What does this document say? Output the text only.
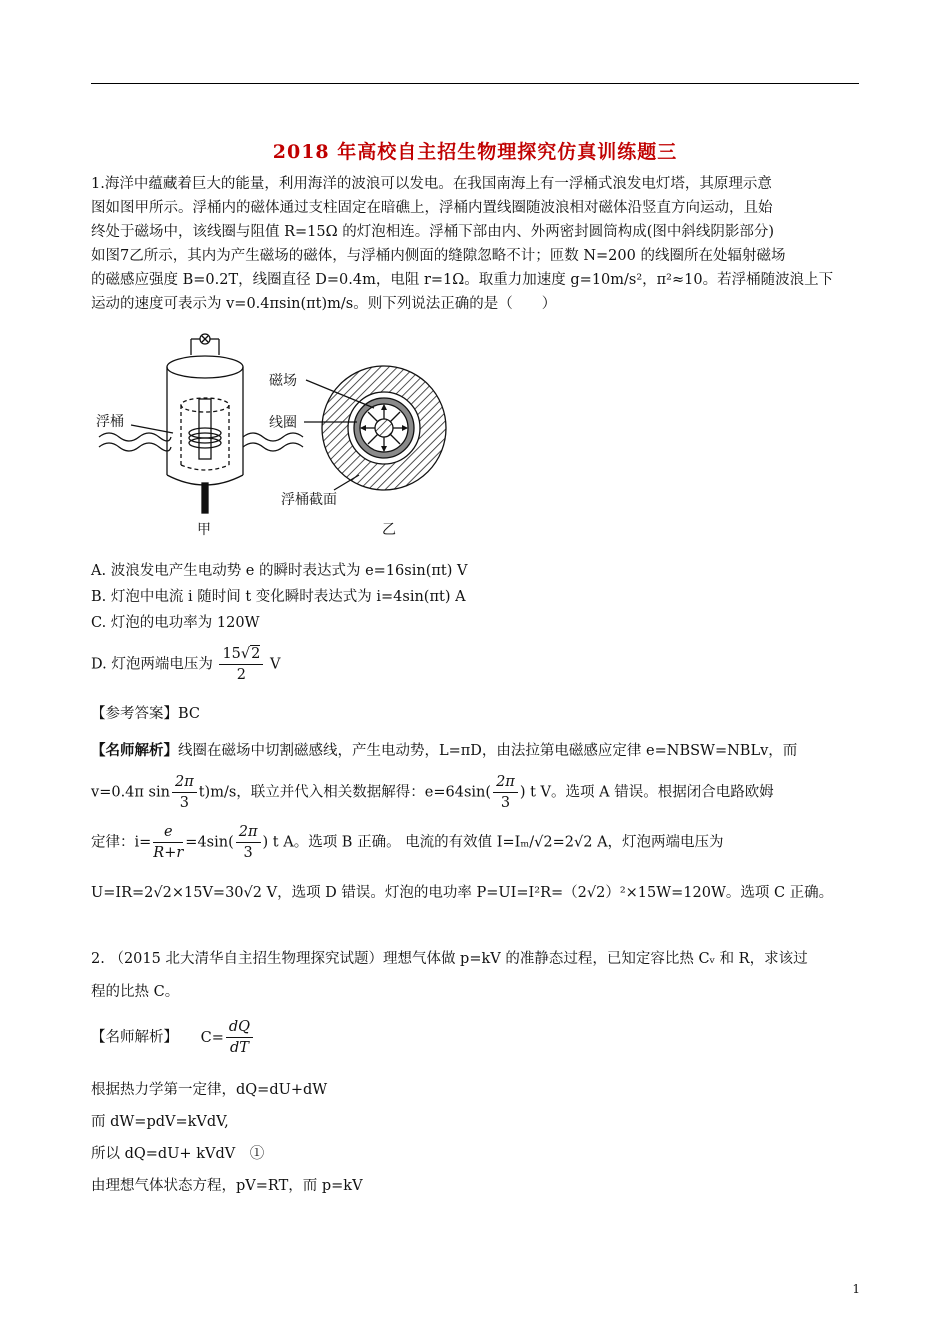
2018 年高校自主招生物理探究仿真训练题三
1.海洋中蕴藏着巨大的能量，利用海洋的波浪可以发电。在我国南海上有一浮桶式浪发电灯塔，其原理示意
图如图甲所示。浮桶内的磁体通过支柱固定在暗礁上，浮桶内置线圈随波浪相对磁体沿竖直方向运动，且始
终处于磁场中，该线圈与阻值 R=15Ω 的灯泡相连。浮桶下部由内、外两密封圆筒构成(图中斜线阴影部分)
如图7乙所示，其内为产生磁场的磁体，与浮桶内侧面的缝隙忽略不计；匝数 N=200 的线圈所在处辐射磁场
的磁感应强度 B=0.2T，线圈直径 D=0.4m，电阻 r=1Ω。取重力加速度 g=10m/s²，π²≈10。若浮桶随波浪上下
运动的速度可表示为 v=0.4πsin(πt)m/s。则下列说法正确的是（　　）
浮桶
磁场
线圈
浮桶截面
甲	乙
A. 波浪发电产生电动势 e 的瞬时表达式为 e=16sin(πt) V
B. 灯泡中电流 i 随时间 t 变化瞬时表达式为 i=4sin(πt) A
C. 灯泡的电功率为 120W
D. 灯泡两端电压为 $\frac{15√2}{2}$ V
【参考答案】BC
【名师解析】线圈在磁场中切割磁感线，产生电动势，L=πD，由法拉第电磁感应定律 e=NBSW=NBLv，而
v=0.4π $\sin \frac{2\pi}{3} t)m/s$，联立并代入相关数据解得：$e=64\sin( \frac{2\pi}{3}$ ) t V。选项 A 错误。根据闭合电路欧姆
定律：$i= \frac{e}{R+r} =4\sin( \frac{2\pi}{3}$ ) t A。选项 B 正确。 电流的有效值 I=Iₘ/√2=2√2 A，灯泡两端电压为
U=IR=2√2×15V=30√2 V，选项 D 错误。灯泡的电功率 P=UI=I²R=（2√2）²×15W=120W。选项 C 正确。
2. （2015 北大清华自主招生物理探究试题）理想气体做 p=kV 的准静态过程，已知定容比热 Cᵥ 和 R，求该过
程的比热 C。
【名师解析】 $C= \frac{dQ}{dT}$
根据热力学第一定律，dQ=dU+dW
而 dW=pdV=kVdV,
所以 dQ=dU+ kVdV　①
由理想气体状态方程，pV=RT，而 p=kV
1
